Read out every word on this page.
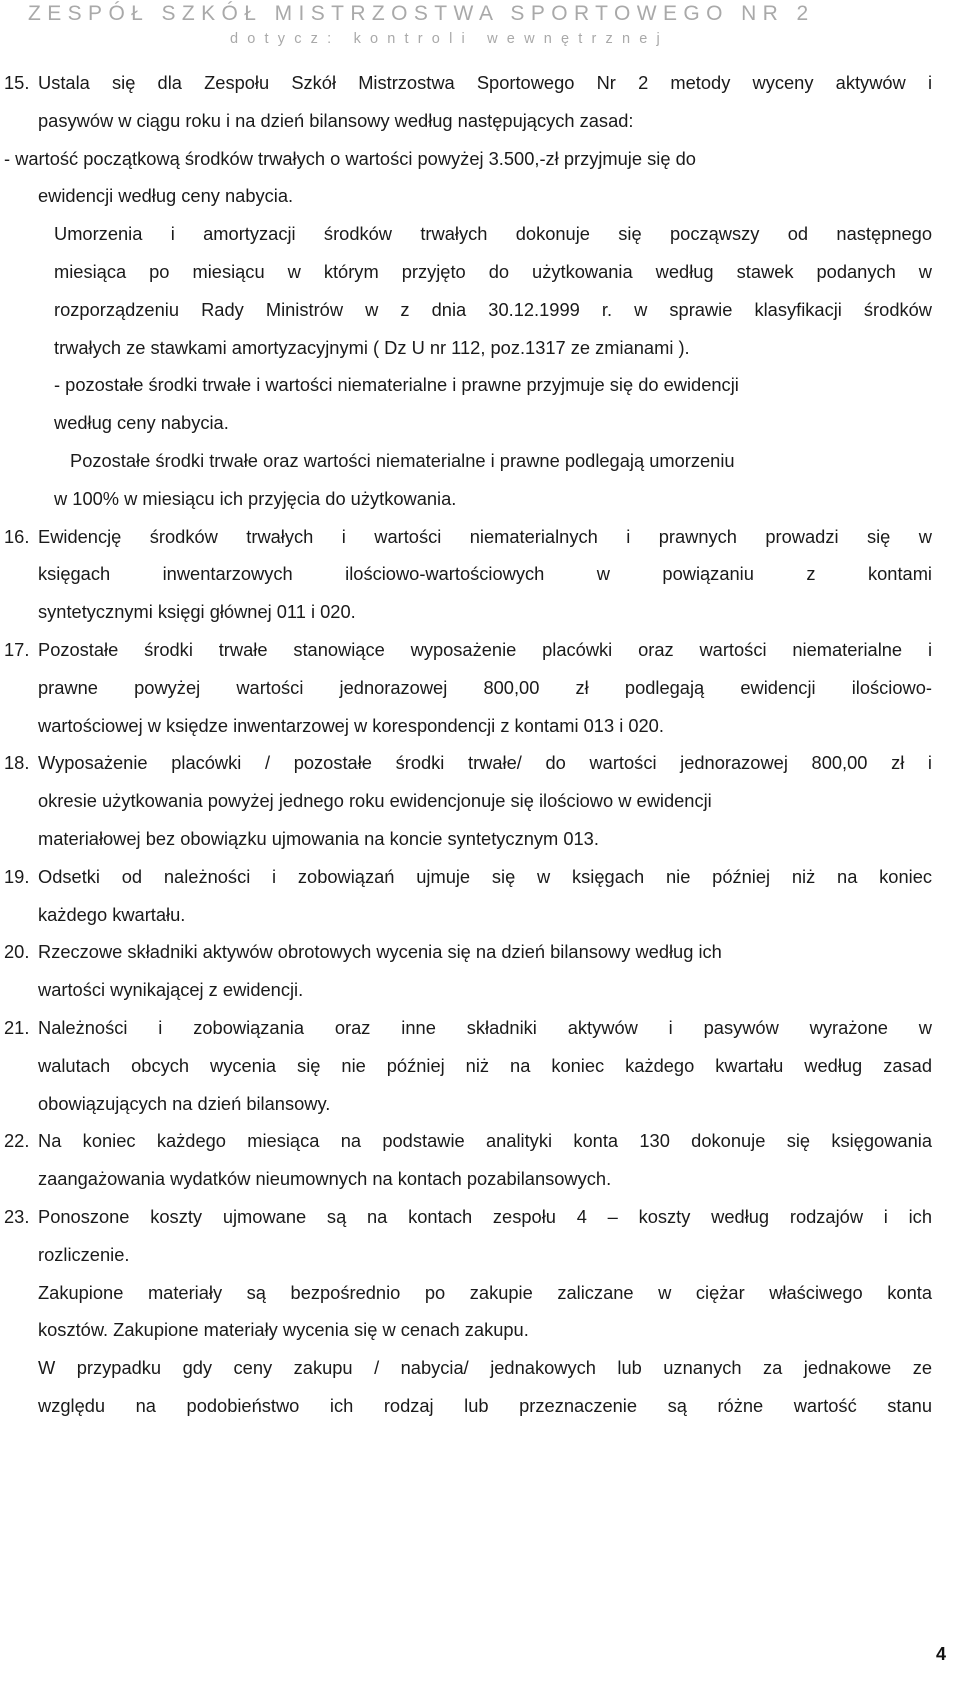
ZESPÓŁ SZKÓŁ MISTRZOSTWA SPORTOWEGO NR 2
dotycz: kontroli wewnętrznej
15. Ustala się dla Zespołu Szkół Mistrzostwa Sportowego Nr 2 metody wyceny aktywów i
pasywów w ciągu roku i na dzień bilansowy według następujących zasad:
- wartość początkową środków trwałych o wartości powyżej 3.500,-zł przyjmuje się do
ewidencji według ceny nabycia.
Umorzenia i amortyzacji środków trwałych dokonuje się począwszy od następnego
miesiąca po miesiącu w którym przyjęto do użytkowania według stawek podanych w
rozporządzeniu Rady Ministrów w z dnia 30.12.1999 r. w sprawie klasyfikacji środków
trwałych ze stawkami amortyzacyjnymi ( Dz U nr 112, poz.1317 ze zmianami ).
- pozostałe środki trwałe i wartości niematerialne i prawne przyjmuje się do ewidencji
według ceny nabycia.
Pozostałe środki trwałe oraz wartości niematerialne i prawne podlegają umorzeniu
w 100% w miesiącu ich przyjęcia do użytkowania.
16. Ewidencję środków trwałych i wartości niematerialnych i prawnych prowadzi się w
księgach inwentarzowych ilościowo-wartościowych w powiązaniu z kontami
syntetycznymi księgi głównej 011 i 020.
17. Pozostałe środki trwałe stanowiące wyposażenie placówki oraz wartości niematerialne i
prawne powyżej wartości jednorazowej 800,00 zł podlegają ewidencji ilościowo-
wartościowej w księdze inwentarzowej w korespondencji z kontami 013 i 020.
18. Wyposażenie placówki / pozostałe środki trwałe/ do wartości jednorazowej 800,00 zł i
okresie użytkowania powyżej jednego roku ewidencjonuje się ilościowo w ewidencji
materiałowej bez obowiązku ujmowania na koncie syntetycznym 013.
19. Odsetki od należności i zobowiązań ujmuje się w księgach nie później niż na koniec
każdego kwartału.
20. Rzeczowe składniki aktywów obrotowych wycenia się na dzień bilansowy według ich
wartości wynikającej z ewidencji.
21. Należności i zobowiązania oraz inne składniki aktywów i pasywów wyrażone w
walutach obcych wycenia się nie później niż na koniec każdego kwartału według zasad
obowiązujących na dzień bilansowy.
22. Na koniec każdego miesiąca na podstawie analityki konta 130 dokonuje się księgowania
zaangażowania wydatków nieumownych na kontach pozabilansowych.
23. Ponoszone koszty ujmowane są na kontach zespołu 4 – koszty według rodzajów i ich
rozliczenie.
Zakupione materiały są bezpośrednio po zakupie zaliczane w ciężar właściwego konta
kosztów. Zakupione materiały wycenia się w cenach zakupu.
W przypadku gdy ceny zakupu / nabycia/ jednakowych lub uznanych za jednakowe ze
względu na podobieństwo ich rodzaj lub przeznaczenie są różne wartość stanu
4
